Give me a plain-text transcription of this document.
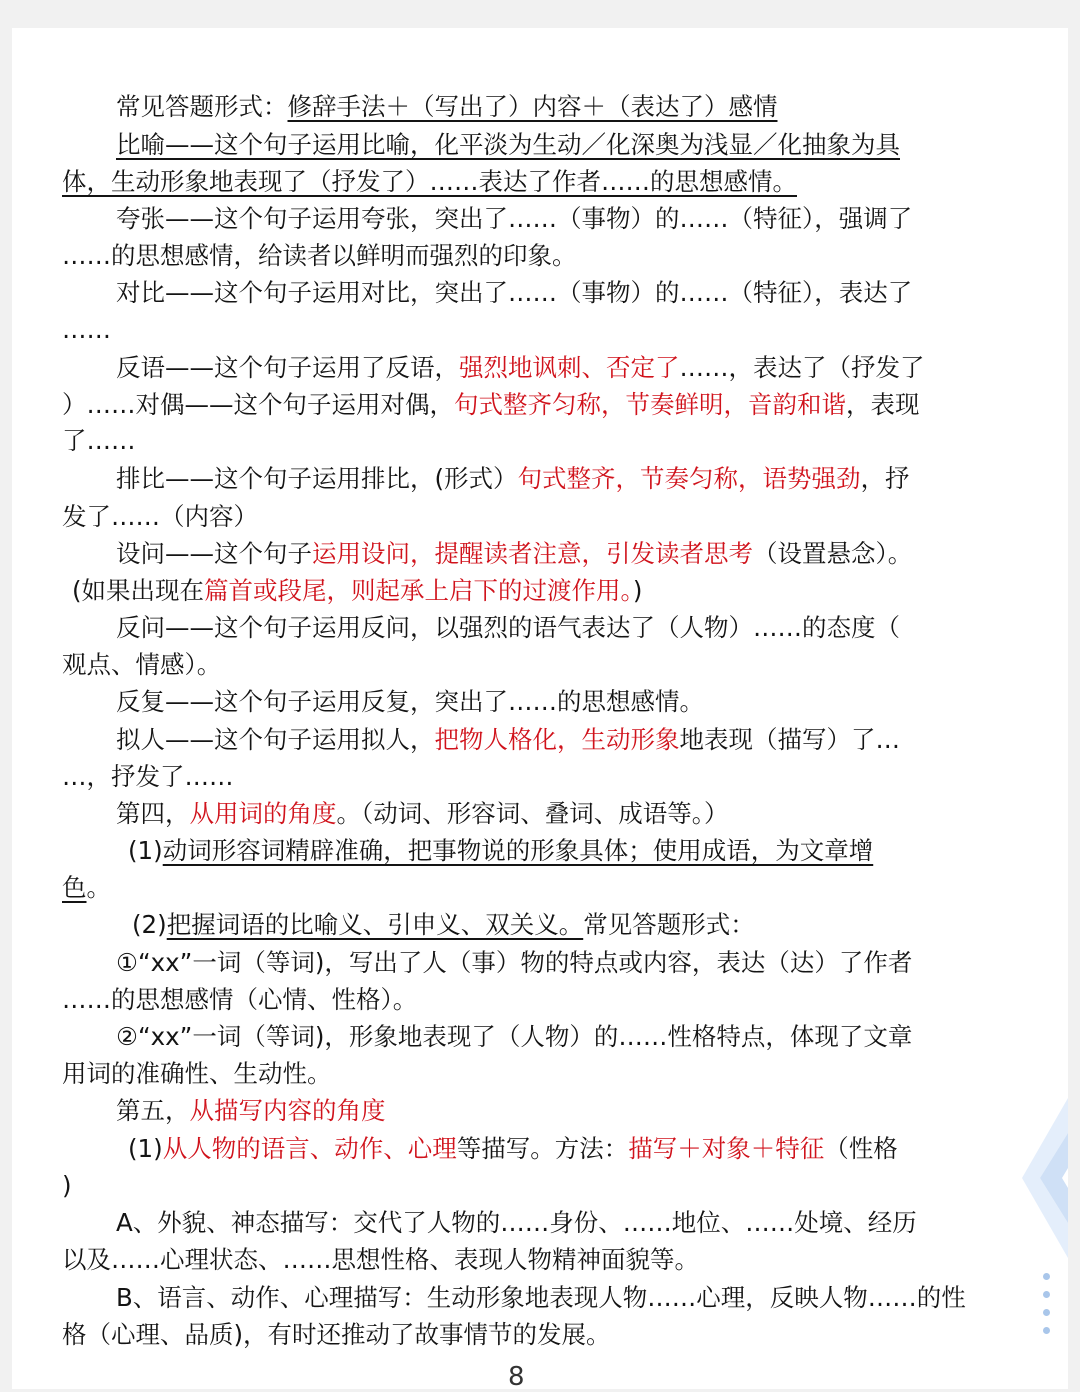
常见答题形式：修辞手法＋（写出了）内容＋（表达了）感情
比喻——这个句子运用比喻，化平淡为生动／化深奥为浅显／化抽象为具
体，生动形象地表现了（抒发了）……表达了作者……的思想感情。
夸张——这个句子运用夸张，突出了……（事物）的……（特征），强调了
……的思想感情，给读者以鲜明而强烈的印象。
对比——这个句子运用对比，突出了……（事物）的……（特征），表达了
……
反语——这个句子运用了反语，强烈地讽刺、否定了……，表达了（抒发了
）……对偶——这个句子运用对偶，句式整齐匀称，节奏鲜明，音韵和谐，表现
了……
排比——这个句子运用排比，(形式）句式整齐，节奏匀称，语势强劲，抒
发了……（内容）
设问——这个句子运用设问，提醒读者注意，引发读者思考（设置悬念）。
(如果出现在篇首或段尾，则起承上启下的过渡作用。)
反问——这个句子运用反问，以强烈的语气表达了（人物）……的态度（
观点、情感）。
反复——这个句子运用反复，突出了……的思想感情。
拟人——这个句子运用拟人，把物人格化，生动形象地表现（描写）了…
…，抒发了……
第四，从用词的角度。（动词、形容词、叠词、成语等。）
(1)动词形容词精辟准确，把事物说的形象具体；使用成语，为文章增
色。
(2)把握词语的比喻义、引申义、双关义。常见答题形式：
①“xx”一词（等词)，写出了人（事）物的特点或内容，表达（达）了作者
……的思想感情（心情、性格）。
②“xx”一词（等词)，形象地表现了（人物）的……性格特点，体现了文章
用词的准确性、生动性。
第五，从描写内容的角度
(1)从人物的语言、动作、心理等描写。方法：描写＋对象＋特征（性格
)
A、外貌、神态描写：交代了人物的……身份、……地位、……处境、经历
以及……心理状态、……思想性格、表现人物精神面貌等。
B、语言、动作、心理描写：生动形象地表现人物……心理，反映人物……的性
格（心理、品质)，有时还推动了故事情节的发展。
8
